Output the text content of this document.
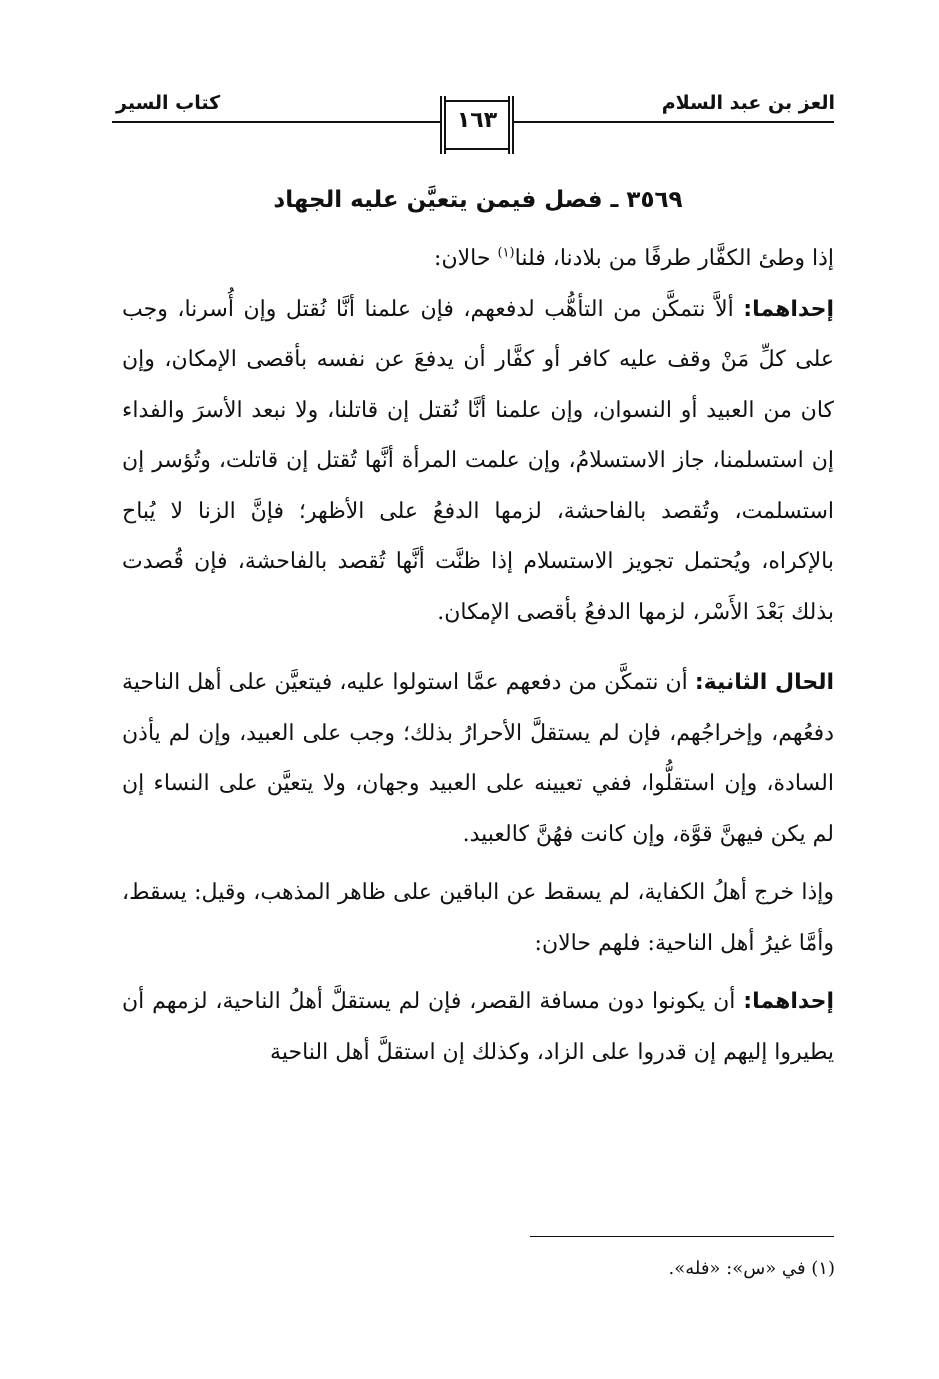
العز بن عبد السلام
كتاب السير
١٦٣
٣٥٦٩ ـ فصل فيمن يتعيَّن عليه الجهاد

إذا وطئ الكفَّار طرفًا من بلادنا، فلنا$^{(١)}$ حالان:

إحداهما: ألاَّ نتمكَّن من التأهُّب لدفعهم، فإن علمنا أنَّا نُقتل وإن أُسرنا، وجب على كلِّ مَنْ وقف عليه كافر أو كفَّار أن يدفعَ عن نفسه بأقصى الإمكان، وإن كان من العبيد أو النسوان، وإن علمنا أنَّا نُقتل إن قاتلنا، ولا نبعد الأسرَ والفداء إن استسلمنا، جاز الاستسلامُ، وإن علمت المرأة أنَّها تُقتل إن قاتلت، وتُؤسر إن استسلمت، وتُقصد بالفاحشة، لزمها الدفعُ على الأظهر؛ فإنَّ الزنا لا يُباح بالإكراه، ويُحتمل تجويز الاستسلام إذا ظنَّت أنَّها تُقصد بالفاحشة، فإن قُصدت بذلك بَعْدَ الأَسْر، لزمها الدفعُ بأقصى الإمكان.

الحال الثانية: أن نتمكَّن من دفعهم عمَّا استولوا عليه، فيتعيَّن على أهل الناحية دفعُهم، وإخراجُهم، فإن لم يستقلَّ الأحرارُ بذلك؛ وجب على العبيد، وإن لم يأذن السادة، وإن استقلُّوا، ففي تعيينه على العبيد وجهان، ولا يتعيَّن على النساء إن لم يكن فيهنَّ قوَّة، وإن كانت فهُنَّ كالعبيد.

وإذا خرج أهلُ الكفاية، لم يسقط عن الباقين على ظاهر المذهب، وقيل: يسقط، وأمَّا غيرُ أهل الناحية: فلهم حالان:

إحداهما: أن يكونوا دون مسافة القصر، فإن لم يستقلَّ أهلُ الناحية، لزمهم أن يطيروا إليهم إن قدروا على الزاد، وكذلك إن استقلَّ أهل الناحية

(١) في «س»: «فله».
